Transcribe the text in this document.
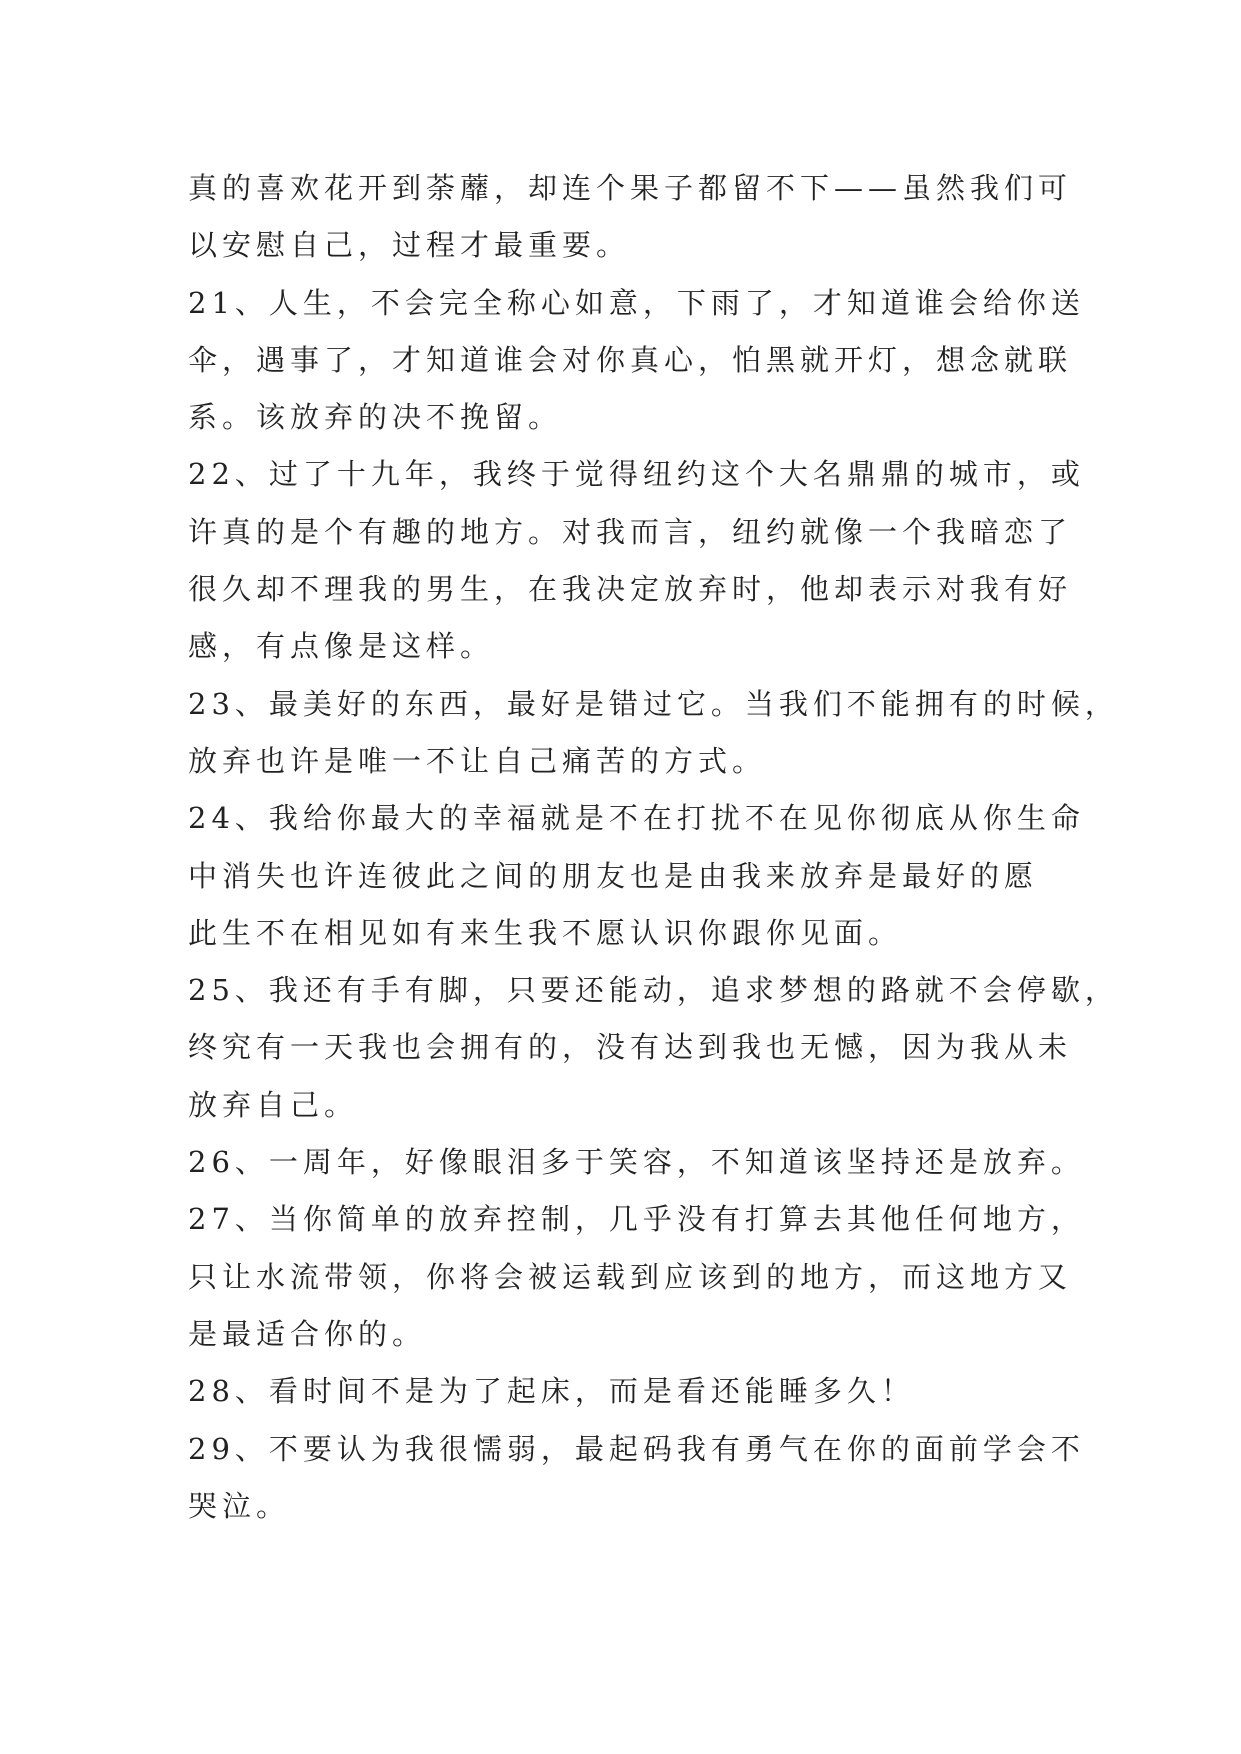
真的喜欢花开到荼蘼，却连个果子都留不下——虽然我们可
以安慰自己，过程才最重要。
21、人生，不会完全称心如意，下雨了，才知道谁会给你送
伞，遇事了，才知道谁会对你真心，怕黑就开灯，想念就联
系。该放弃的决不挽留。
22、过了十九年，我终于觉得纽约这个大名鼎鼎的城市，或
许真的是个有趣的地方。对我而言，纽约就像一个我暗恋了
很久却不理我的男生，在我决定放弃时，他却表示对我有好
感，有点像是这样。
23、最美好的东西，最好是错过它。当我们不能拥有的时候，
放弃也许是唯一不让自己痛苦的方式。
24、我给你最大的幸福就是不在打扰不在见你彻底从你生命
中消失也许连彼此之间的朋友也是由我来放弃是最好的愿
此生不在相见如有来生我不愿认识你跟你见面。
25、我还有手有脚，只要还能动，追求梦想的路就不会停歇，
终究有一天我也会拥有的，没有达到我也无憾，因为我从未
放弃自己。
26、一周年，好像眼泪多于笑容，不知道该坚持还是放弃。
27、当你简单的放弃控制，几乎没有打算去其他任何地方，
只让水流带领，你将会被运载到应该到的地方，而这地方又
是最适合你的。
28、看时间不是为了起床，而是看还能睡多久！
29、不要认为我很懦弱，最起码我有勇气在你的面前学会不
哭泣。
